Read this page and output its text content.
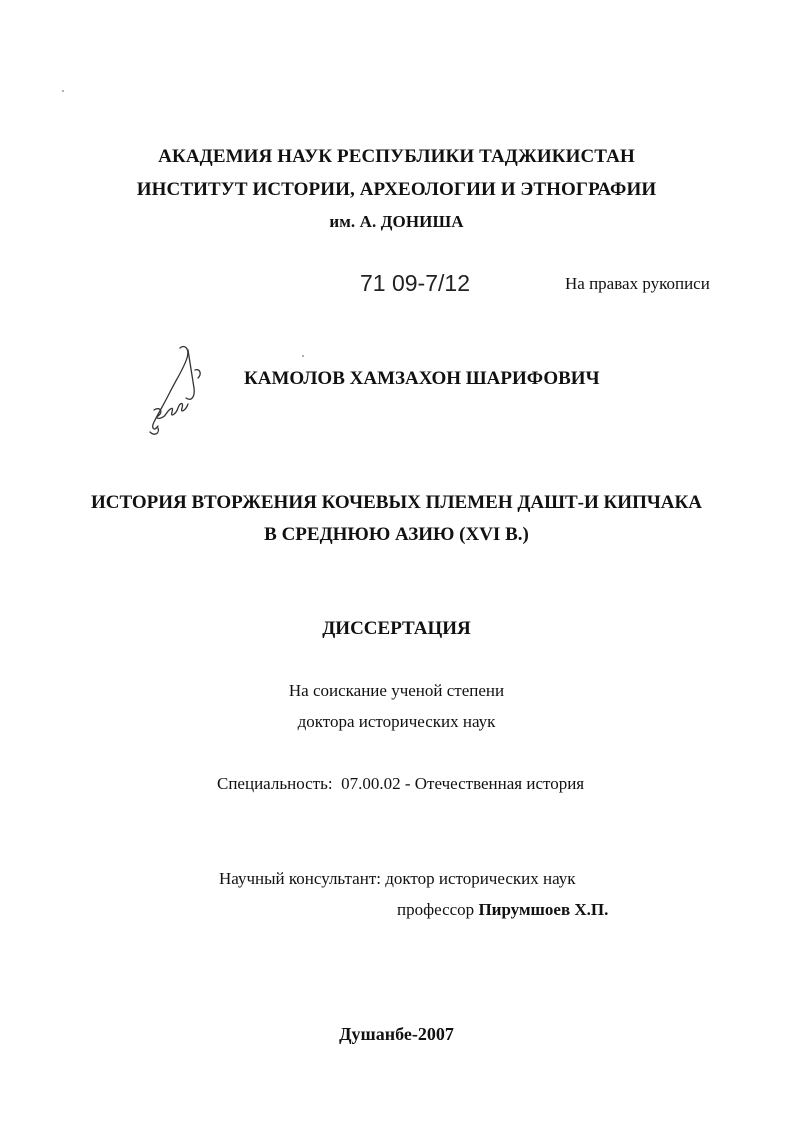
АКАДЕМИЯ НАУК РЕСПУБЛИКИ ТАДЖИКИСТАН
ИНСТИТУТ ИСТОРИИ, АРХЕОЛОГИИ И ЭТНОГРАФИИ
им. А. ДОНИША
71 09-7/12	На правах рукописи
КАМОЛОВ ХАМЗАХОН ШАРИФОВИЧ
ИСТОРИЯ ВТОРЖЕНИЯ КОЧЕВЫХ ПЛЕМЕН ДАШТ-И КИПЧАКА
В СРЕДНЮЮ АЗИЮ (XVI В.)
ДИССЕРТАЦИЯ
На соискание ученой степени
доктора исторических наук
Специальность: 07.00.02 - Отечественная история
Научный консультант: доктор исторических наук
профессор Пирумшоев Х.П.
Душанбе-2007
